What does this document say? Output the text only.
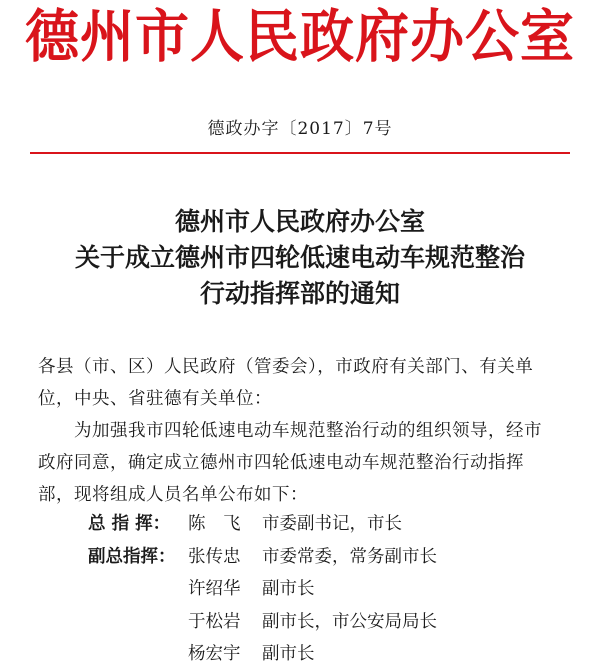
德州市人民政府办公室
德政办字〔2017〕7号
德州市人民政府办公室
关于成立德州市四轮低速电动车规范整治
行动指挥部的通知

各县（市、区）人民政府（管委会），市政府有关部门、有关单

位，中央、省驻德有关单位：

为加强我市四轮低速电动车规范整治行动的组织领导，经市

政府同意，确定成立德州市四轮低速电动车规范整治行动指挥

部，现将组成人员名单公布如下：

总 指 挥：	陈　飞	市委副书记，市长
副总指挥： 张传忠	市委常委，常务副市长
许绍华	副市长
于松岩	副市长，市公安局局长
杨宏宇	副市长
